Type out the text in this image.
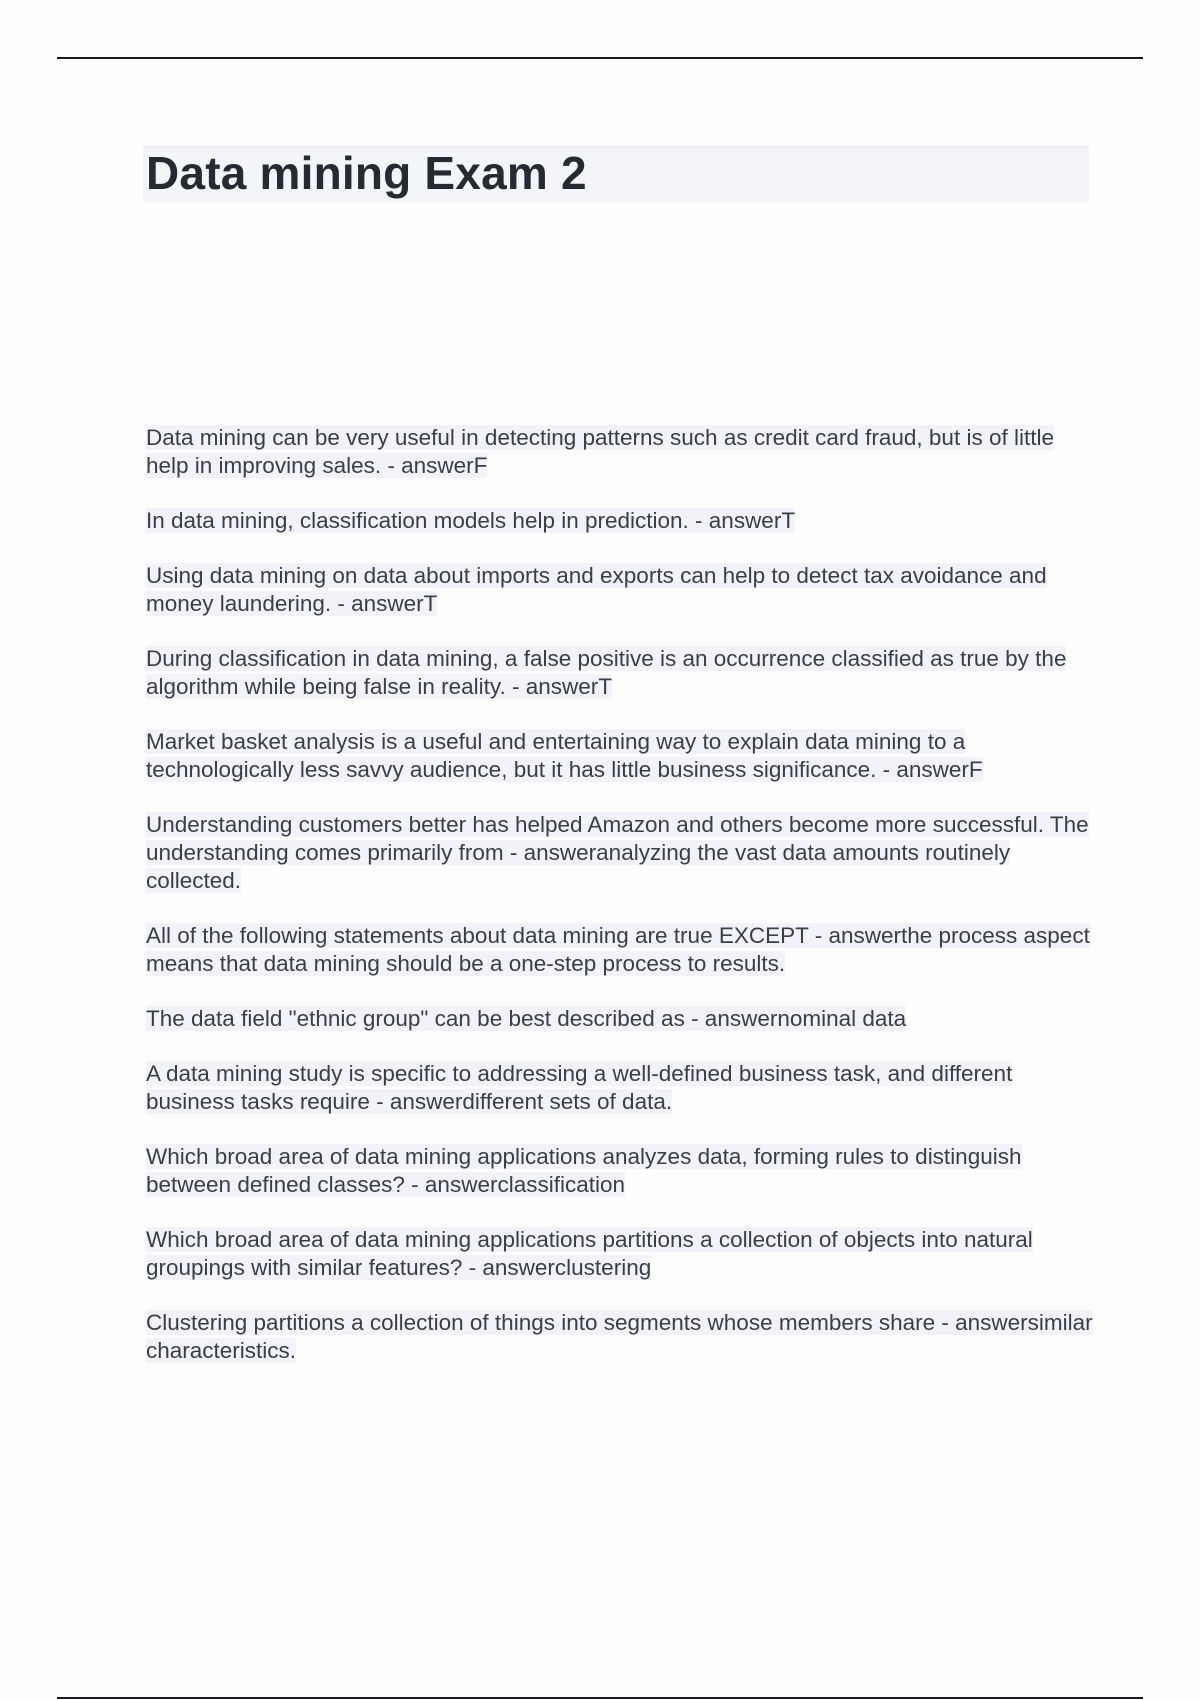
Data mining Exam 2
Data mining can be very useful in detecting patterns such as credit card fraud, but is of little help in improving sales. - answerF
In data mining, classification models help in prediction. - answerT
Using data mining on data about imports and exports can help to detect tax avoidance and money laundering. - answerT
During classification in data mining, a false positive is an occurrence classified as true by the algorithm while being false in reality. - answerT
Market basket analysis is a useful and entertaining way to explain data mining to a technologically less savvy audience, but it has little business significance. - answerF
Understanding customers better has helped Amazon and others become more successful. The understanding comes primarily from - answeranalyzing the vast data amounts routinely collected.
All of the following statements about data mining are true EXCEPT - answerthe process aspect means that data mining should be a one-step process to results.
The data field "ethnic group" can be best described as - answernominal data
A data mining study is specific to addressing a well-defined business task, and different business tasks require - answerdifferent sets of data.
Which broad area of data mining applications analyzes data, forming rules to distinguish between defined classes? - answerclassification
Which broad area of data mining applications partitions a collection of objects into natural groupings with similar features? - answerclustering
Clustering partitions a collection of things into segments whose members share - answersimilar characteristics.
